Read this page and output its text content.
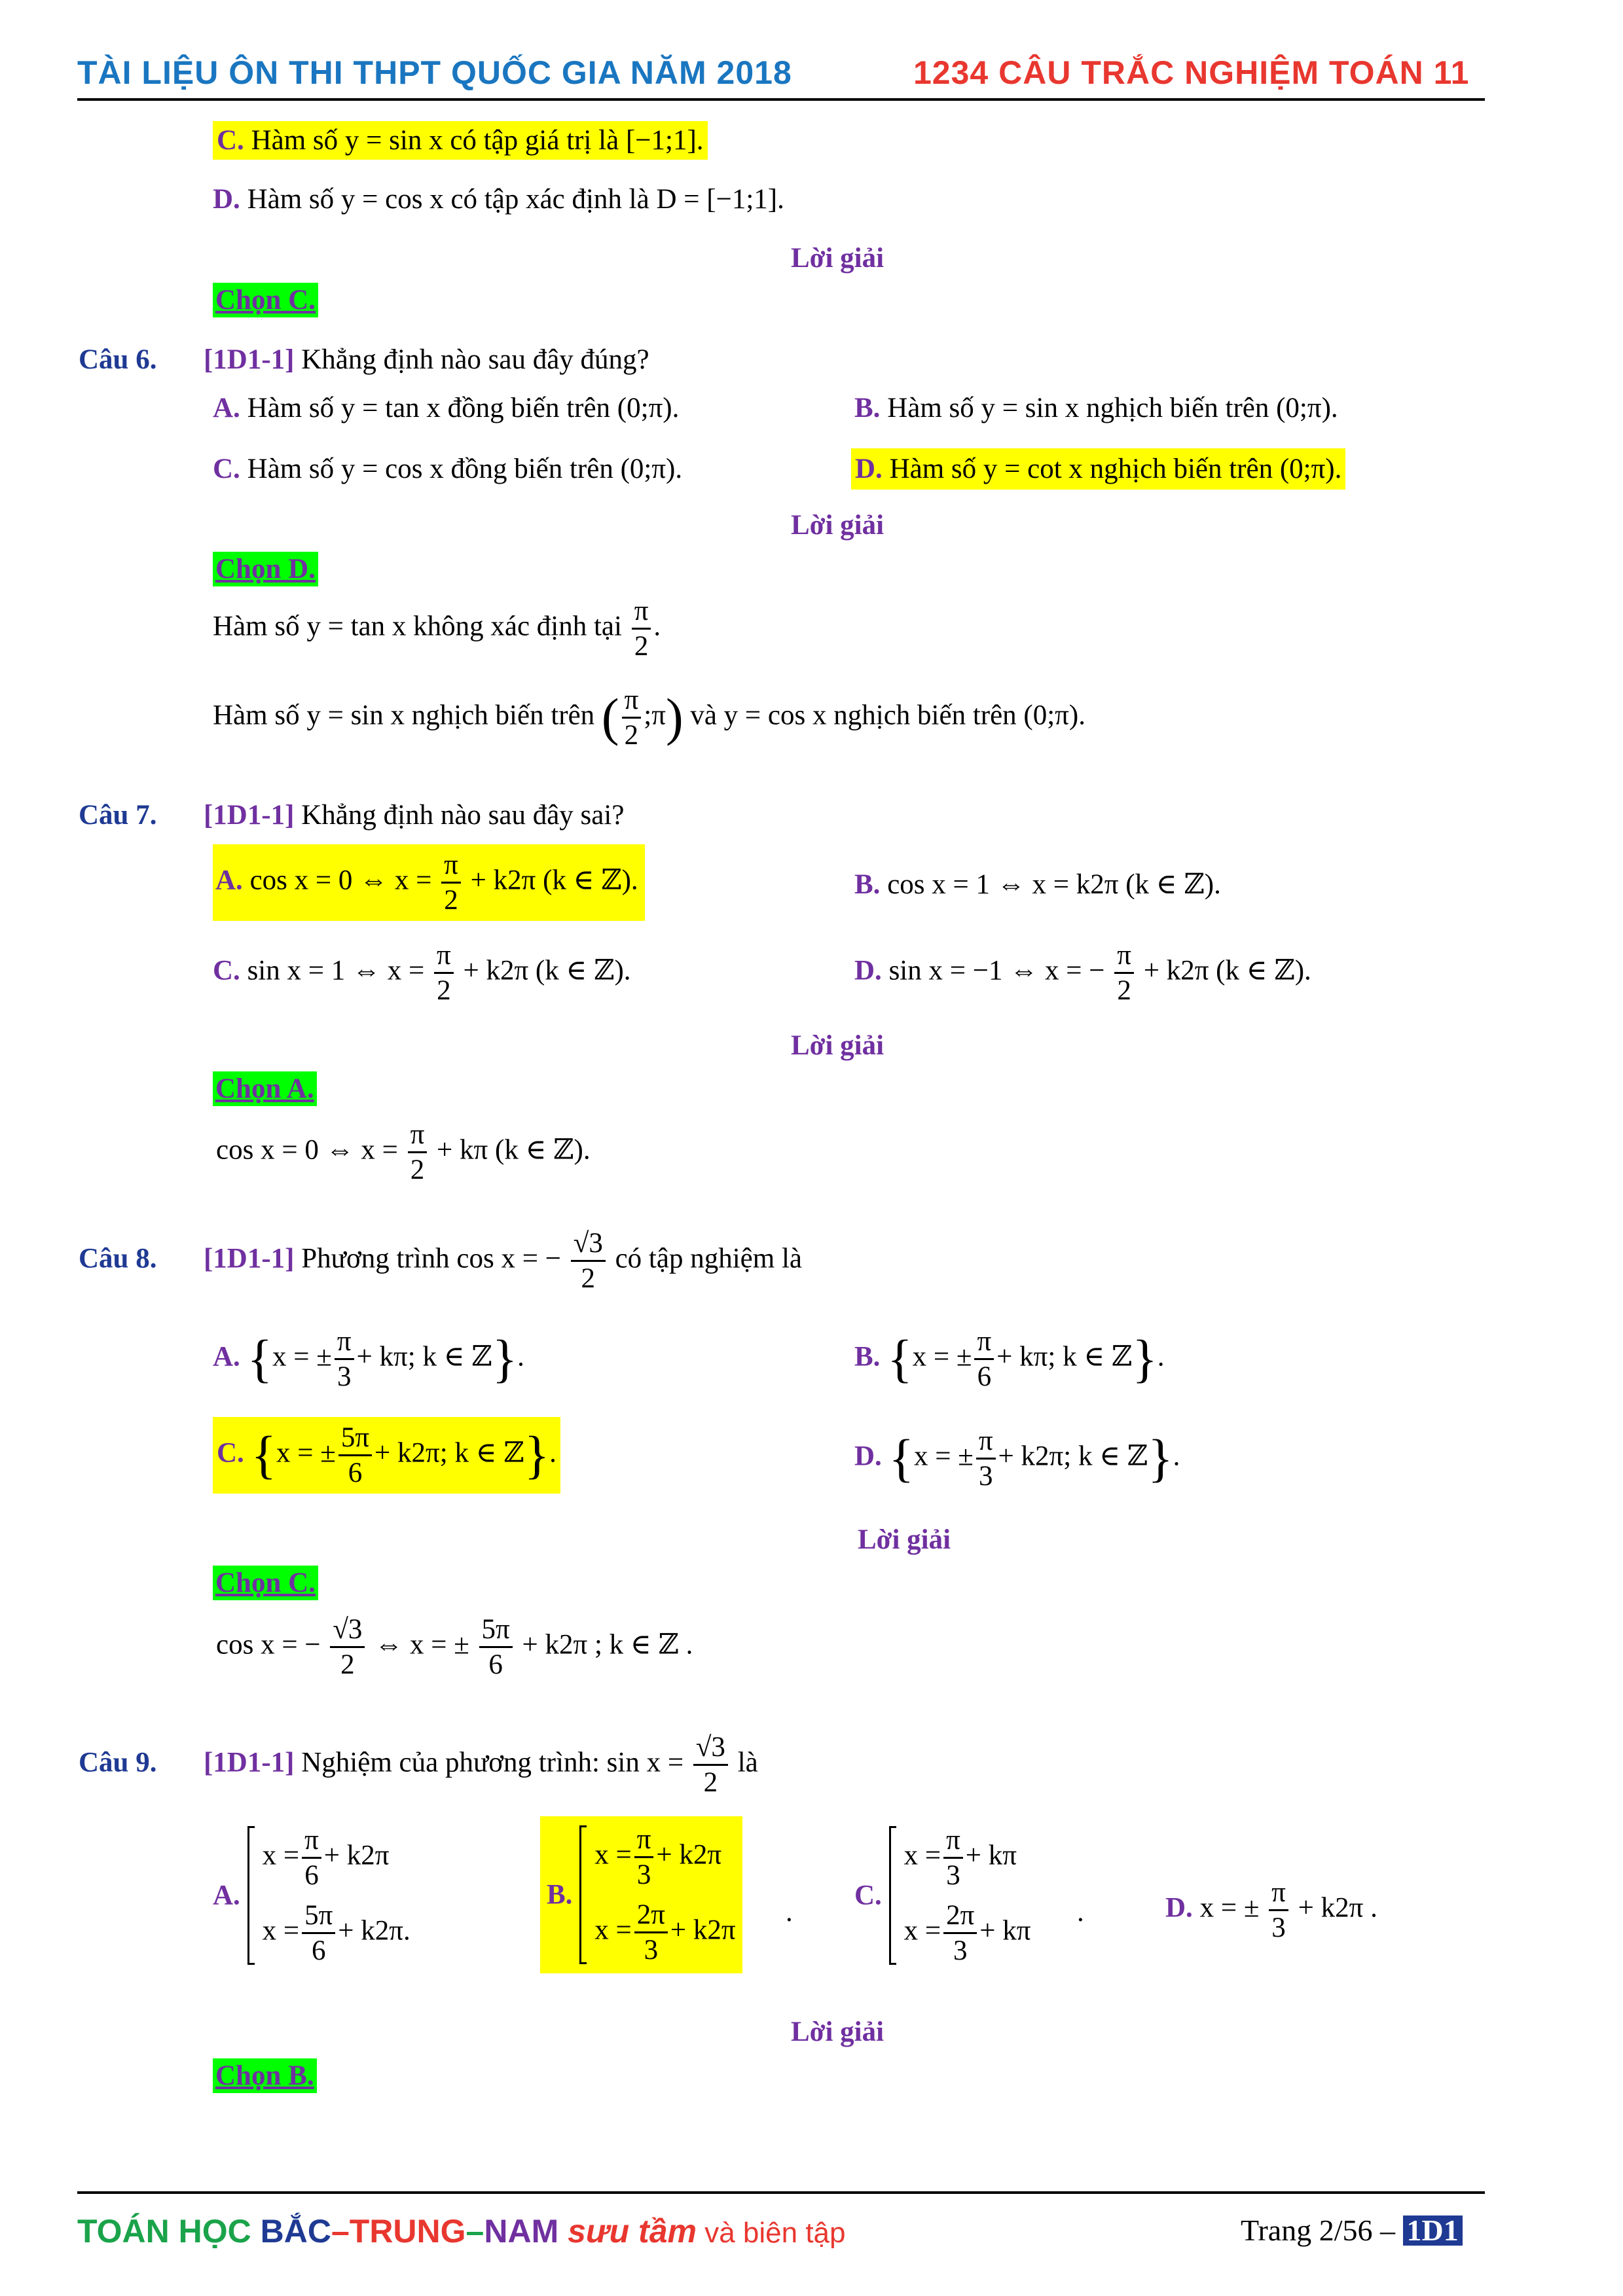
TÀI LIỆU ÔN THI THPT QUỐC GIA NĂM 2018	1234 CÂU TRẮC NGHIỆM TOÁN 11
C. Hàm số y = sin x có tập giá trị là [−1;1].
D. Hàm số y = cos x có tập xác định là D = [−1;1].
Lời giải
Chọn C.
Câu 6. [1D1-1] Khẳng định nào sau đây đúng?
A. Hàm số y = tan x đồng biến trên (0;π).	B. Hàm số y = sin x nghịch biến trên (0;π).
C. Hàm số y = cos x đồng biến trên (0;π).	D. Hàm số y = cot x nghịch biến trên (0;π).
Lời giải
Chọn D.
Hàm số y = tan x không xác định tại $\frac{\pi}{2}$ .
Hàm số y = sin x nghịch biến trên ( $\frac{\pi}{2}$ ;π) và y = cos x nghịch biến trên (0;π).
Câu 7. [1D1-1] Khẳng định nào sau đây sai?
A. cos x = 0 ⇔ $x = \frac{\pi}{2} + k2\pi$ (k ∈ ℤ).	B. cos x = 1 ⇔ x = k2π (k ∈ ℤ).
C. sin x = 1 ⇔ $x = \frac{\pi}{2} + k2\pi$ (k ∈ ℤ).	D. sin x = −1 ⇔ x = − $\frac{\pi}{2} + k2\pi$ (k ∈ ℤ).
Lời giải
Chọn A.
cos x = 0 ⇔ $x = \frac{\pi}{2} + k\pi$ (k ∈ ℤ).
Câu 8. [1D1-1] Phương trình cos x = − $\frac{√3}{2}$ có tập nghiệm là
A. {x = ± $\frac{\pi}{3} + k\pi$; k ∈ ℤ}.	B. {x = ± $\frac{\pi}{6} + k\pi$; k ∈ ℤ}.
C. {x = ± $\frac{5\pi}{6} + k2\pi$; k ∈ ℤ}.	D. {x = ± $\frac{\pi}{3} + k2\pi$; k ∈ ℤ}.
Lời giải
Chọn C.
cos x = − $\frac{√3}{2}$ ⇔ x = ± $\frac{5\pi}{6} + k2\pi$ ; k ∈ ℤ .
Câu 9. [1D1-1] Nghiệm của phương trình: $\sin x = \frac{√3}{2}$ là
A.
$x = \frac{\pi}{6} + k2\pi$
$x = \frac{5\pi}{6} + k2\pi$.
B.
$x = \frac{\pi}{3} + k2\pi$
$x = \frac{2\pi}{3} + k2\pi$
.
C.
$x = \frac{\pi}{3} + k\pi$
$x = \frac{2\pi}{3} + k\pi$
.	D. x = ± $\frac{\pi}{3} + k2\pi$ .
Lời giải
Chọn B.
TOÁN HỌC BẮC–TRUNG–NAM sưu tầm và biên tập	Trang 2/56 – 1D1
